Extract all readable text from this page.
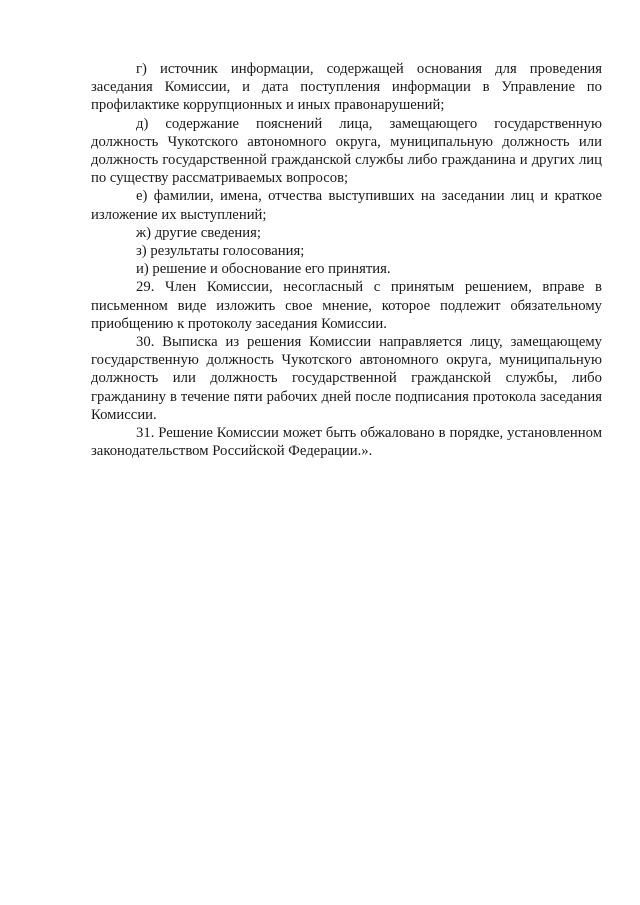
г) источник информации, содержащей основания для проведения заседания Комиссии, и дата поступления информации в Управление по профилактике коррупционных и иных правонарушений;

д) содержание пояснений лица, замещающего государственную должность Чукотского автономного округа, муниципальную должность или должность государственной гражданской службы либо гражданина и других лиц по существу рассматриваемых вопросов;

е) фамилии, имена, отчества выступивших на заседании лиц и краткое изложение их выступлений;

ж) другие сведения;

з) результаты голосования;

и) решение и обоснование его принятия.

29. Член Комиссии, несогласный с принятым решением, вправе в письменном виде изложить свое мнение, которое подлежит обязательному приобщению к протоколу заседания Комиссии.

30. Выписка из решения Комиссии направляется лицу, замещающему государственную должность Чукотского автономного округа, муниципальную должность или должность государственной гражданской службы, либо гражданину в течение пяти рабочих дней после подписания протокола заседания Комиссии.

31. Решение Комиссии может быть обжаловано в порядке, установленном законодательством Российской Федерации.».
